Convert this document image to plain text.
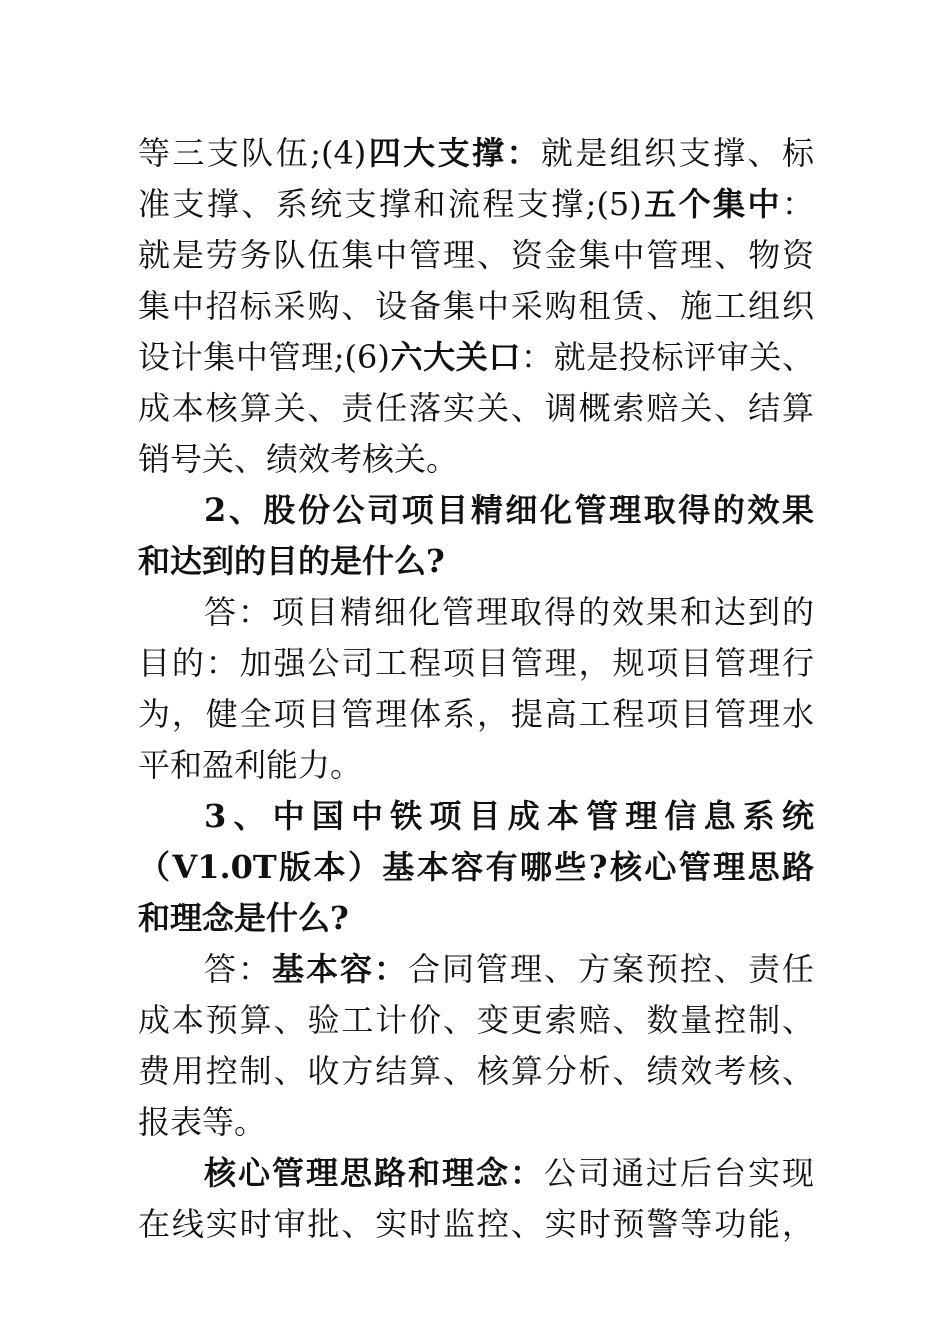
等三支队伍;(4)四大支撑：就是组织支撑、标
准支撑、系统支撑和流程支撑;(5)五个集中：
就是劳务队伍集中管理、资金集中管理、物资
集中招标采购、设备集中采购租赁、施工组织
设计集中管理;(6)六大关口：就是投标评审关、
成本核算关、责任落实关、调概索赔关、结算
销号关、绩效考核关。
2、股份公司项目精细化管理取得的效果
和达到的目的是什么?
答：项目精细化管理取得的效果和达到的
目的：加强公司工程项目管理，规项目管理行
为，健全项目管理体系，提高工程项目管理水
平和盈利能力。
3、中国中铁项目成本管理信息系统
（V1.0T版本）基本容有哪些?核心管理思路
和理念是什么?
答：基本容：合同管理、方案预控、责任
成本预算、验工计价、变更索赔、数量控制、
费用控制、收方结算、核算分析、绩效考核、
报表等。
核心管理思路和理念：公司通过后台实现
在线实时审批、实时监控、实时预警等功能，
